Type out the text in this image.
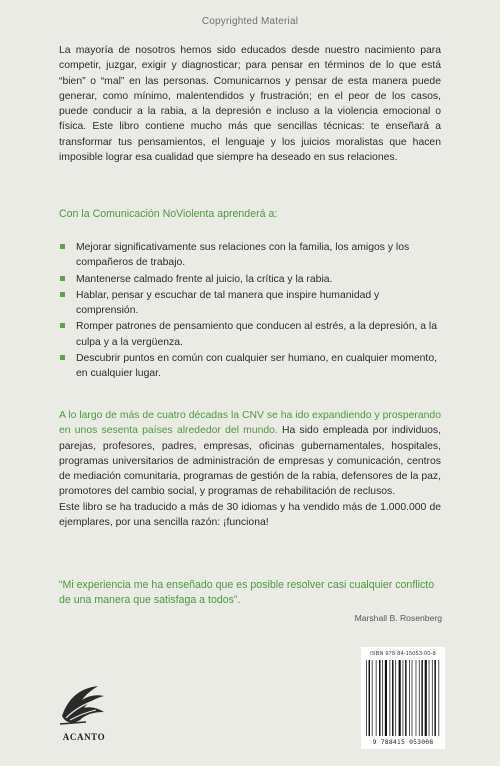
Copyrighted Material

La mayoría de nosotros hemos sido educados desde nuestro nacimiento para competir, juzgar, exigir y diagnosticar; para pensar en términos de lo que está “bien” o “mal” en las personas. Comunicarnos y pensar de esta manera puede generar, como mínimo, malentendidos y frustración; en el peor de los casos, puede conducir a la rabia, a la depresión e incluso a la violencia emocional o física. Este libro contiene mucho más que sencillas técnicas: te enseñará a transformar tus pensamientos, el lenguaje y los juicios moralistas que hacen imposible lograr esa cualidad que siempre ha deseado en sus relaciones.

Con la Comunicación NoViolenta aprenderá a:

Mejorar significativamente sus relaciones con la familia, los amigos y los compañeros de trabajo.
Mantenerse calmado frente al juicio, la crítica y la rabia.
Hablar, pensar y escuchar de tal manera que inspire humanidad y comprensión.
Romper patrones de pensamiento que conducen al estrés, a la depresión, a la culpa y a la vergüenza.
Descubrir puntos en común con cualquier ser humano, en cualquier momento, en cualquier lugar.

A lo largo de más de cuatro décadas la CNV se ha ido expandiendo y prosperando en unos sesenta países alrededor del mundo. Ha sido empleada por individuos, parejas, profesores, padres, empresas, oficinas gubernamentales, hospitales, programas universitarios de administración de empresas y comunicación, centros de mediación comunitaria, programas de gestión de la rabia, defensores de la paz, promotores del cambio social, y programas de rehabilitación de reclusos.
Este libro se ha traducido a más de 30 idiomas y ha vendido más de 1.000.000 de ejemplares, por una sencilla razón: ¡funciona!

“Mi experiencia me ha enseñado que es posible resolver casi cualquier conflicto de una manera que satisfaga a todos”.

Marshall B. Rosenberg

ACANTO
ISBN 978-84-15053-00-8
9 788415 053008
